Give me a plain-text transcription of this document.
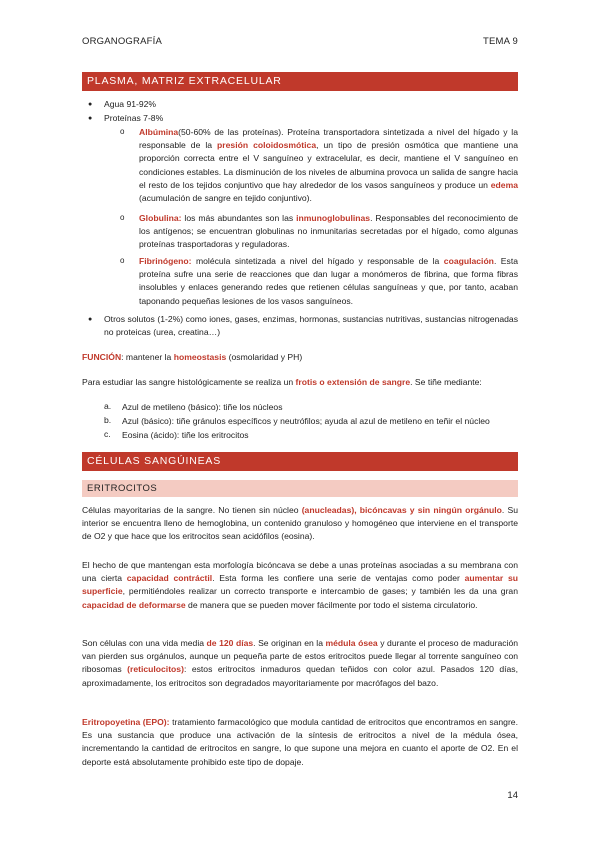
ORGANOGRAFÍA	TEMA 9
PLASMA, MATRIZ EXTRACELULAR
● Agua 91-92%
● Proteínas 7-8%
o Albúmina(50-60% de las proteínas). Proteína transportadora sintetizada a nivel del hígado y la responsable de la presión coloidosmótica, un tipo de presión osmótica que mantiene una proporción correcta entre el V sanguíneo y extracelular, es decir, mantiene el V sanguíneo en condiciones estables. La disminución de los niveles de albumina provoca un salida de sangre hacia el resto de los tejidos conjuntivo que hay alrededor de los vasos sanguíneos y produce un edema (acumulación de sangre en tejido conjuntivo).
o Globulina: los más abundantes son las inmunoglobulinas. Responsables del reconocimiento de los antígenos; se encuentran globulinas no inmunitarias secretadas por el hígado, como algunas proteínas trasportadoras y reguladoras.
o Fibrinógeno: molécula sintetizada a nivel del hígado y responsable de la coagulación. Esta proteína sufre una serie de reacciones que dan lugar a monómeros de fibrina, que forma fibras insolubles y enlaces generando redes que retienen células sanguíneas y que, por tanto, acaban taponando pequeñas lesiones de los vasos sanguíneos.
● Otros solutos (1-2%) como iones, gases, enzimas, hormonas, sustancias nutritivas, sustancias nitrogenadas no proteicas (urea, creatina…)
FUNCIÓN: mantener la homeostasis (osmolaridad y PH)
Para estudiar las sangre histológicamente se realiza un frotis o extensión de sangre. Se tiñe mediante:
a. Azul de metileno (básico): tiñe los núcleos
b. Azul (básico): tiñe gránulos específicos y neutrófilos; ayuda al azul de metileno en teñir el núcleo
c. Eosina (ácido): tiñe los eritrocitos
CÉLULAS SANGÚINEAS
ERITROCITOS
Células mayoritarias de la sangre. No tienen sin núcleo (anucleadas), bicóncavas y sin ningún orgánulo. Su interior se encuentra lleno de hemoglobina, un contenido granuloso y homogéneo que interviene en el transporte de O2 y que hace que los eritrocitos sean acidófilos (eosina).
El hecho de que mantengan esta morfología bicóncava se debe a unas proteínas asociadas a su membrana con una cierta capacidad contráctil. Esta forma les confiere una serie de ventajas como poder aumentar su superficie, permitiéndoles realizar un correcto transporte e intercambio de gases; y también les da una gran capacidad de deformarse de manera que se pueden mover fácilmente por todo el sistema circulatorio.
Son células con una vida media de 120 días. Se originan en la médula ósea y durante el proceso de maduración van pierden sus orgánulos, aunque un pequeña parte de estos eritrocitos puede llegar al torrente sanguíneo con ribosomas (reticulocitos): estos eritrocitos inmaduros quedan teñidos con color azul. Pasados 120 días, aproximadamente, los eritrocitos son degradados mayoritariamente por macrófagos del bazo.
Eritropoyetina (EPO): tratamiento farmacológico que modula cantidad de eritrocitos que encontramos en sangre. Es una sustancia que produce una activación de la síntesis de eritrocitos a nivel de la médula ósea, incrementando la cantidad de eritrocitos en sangre, lo que supone una mejora en cuanto el aporte de O2. En el deporte está absolutamente prohibido este tipo de dopaje.
14
